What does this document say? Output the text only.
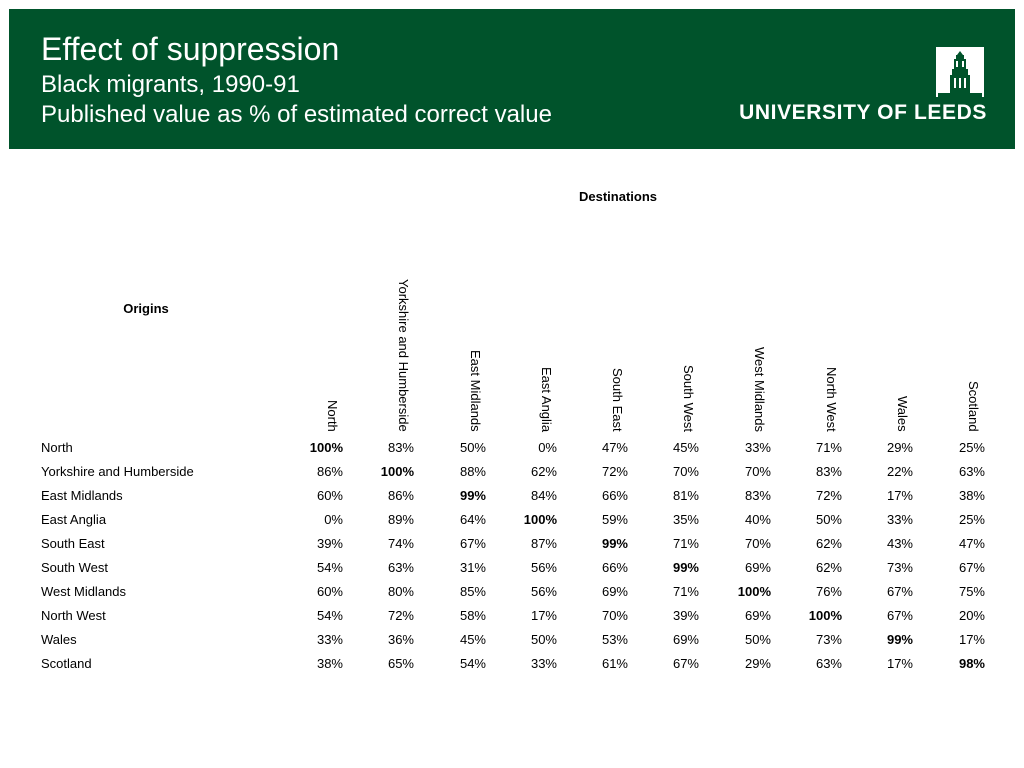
Effect of suppression
Black migrants, 1990-91
Published value as % of estimated correct value	UNIVERSITY OF LEEDS
Destinations
Origins
North	Yorkshire and Humberside	East Midlands	East Anglia	South East	South West	West Midlands	North West	Wales	Scotland
North	100%	83%	50%	0%	47%	45%	33%	71%	29%	25%
Yorkshire and Humberside	86%	100%	88%	62%	72%	70%	70%	83%	22%	63%
East Midlands	60%	86%	99%	84%	66%	81%	83%	72%	17%	38%
East Anglia	0%	89%	64%	100%	59%	35%	40%	50%	33%	25%
South East	39%	74%	67%	87%	99%	71%	70%	62%	43%	47%
South West	54%	63%	31%	56%	66%	99%	69%	62%	73%	67%
West Midlands	60%	80%	85%	56%	69%	71%	100%	76%	67%	75%
North West	54%	72%	58%	17%	70%	39%	69%	100%	67%	20%
Wales	33%	36%	45%	50%	53%	69%	50%	73%	99%	17%
Scotland	38%	65%	54%	33%	61%	67%	29%	63%	17%	98%
